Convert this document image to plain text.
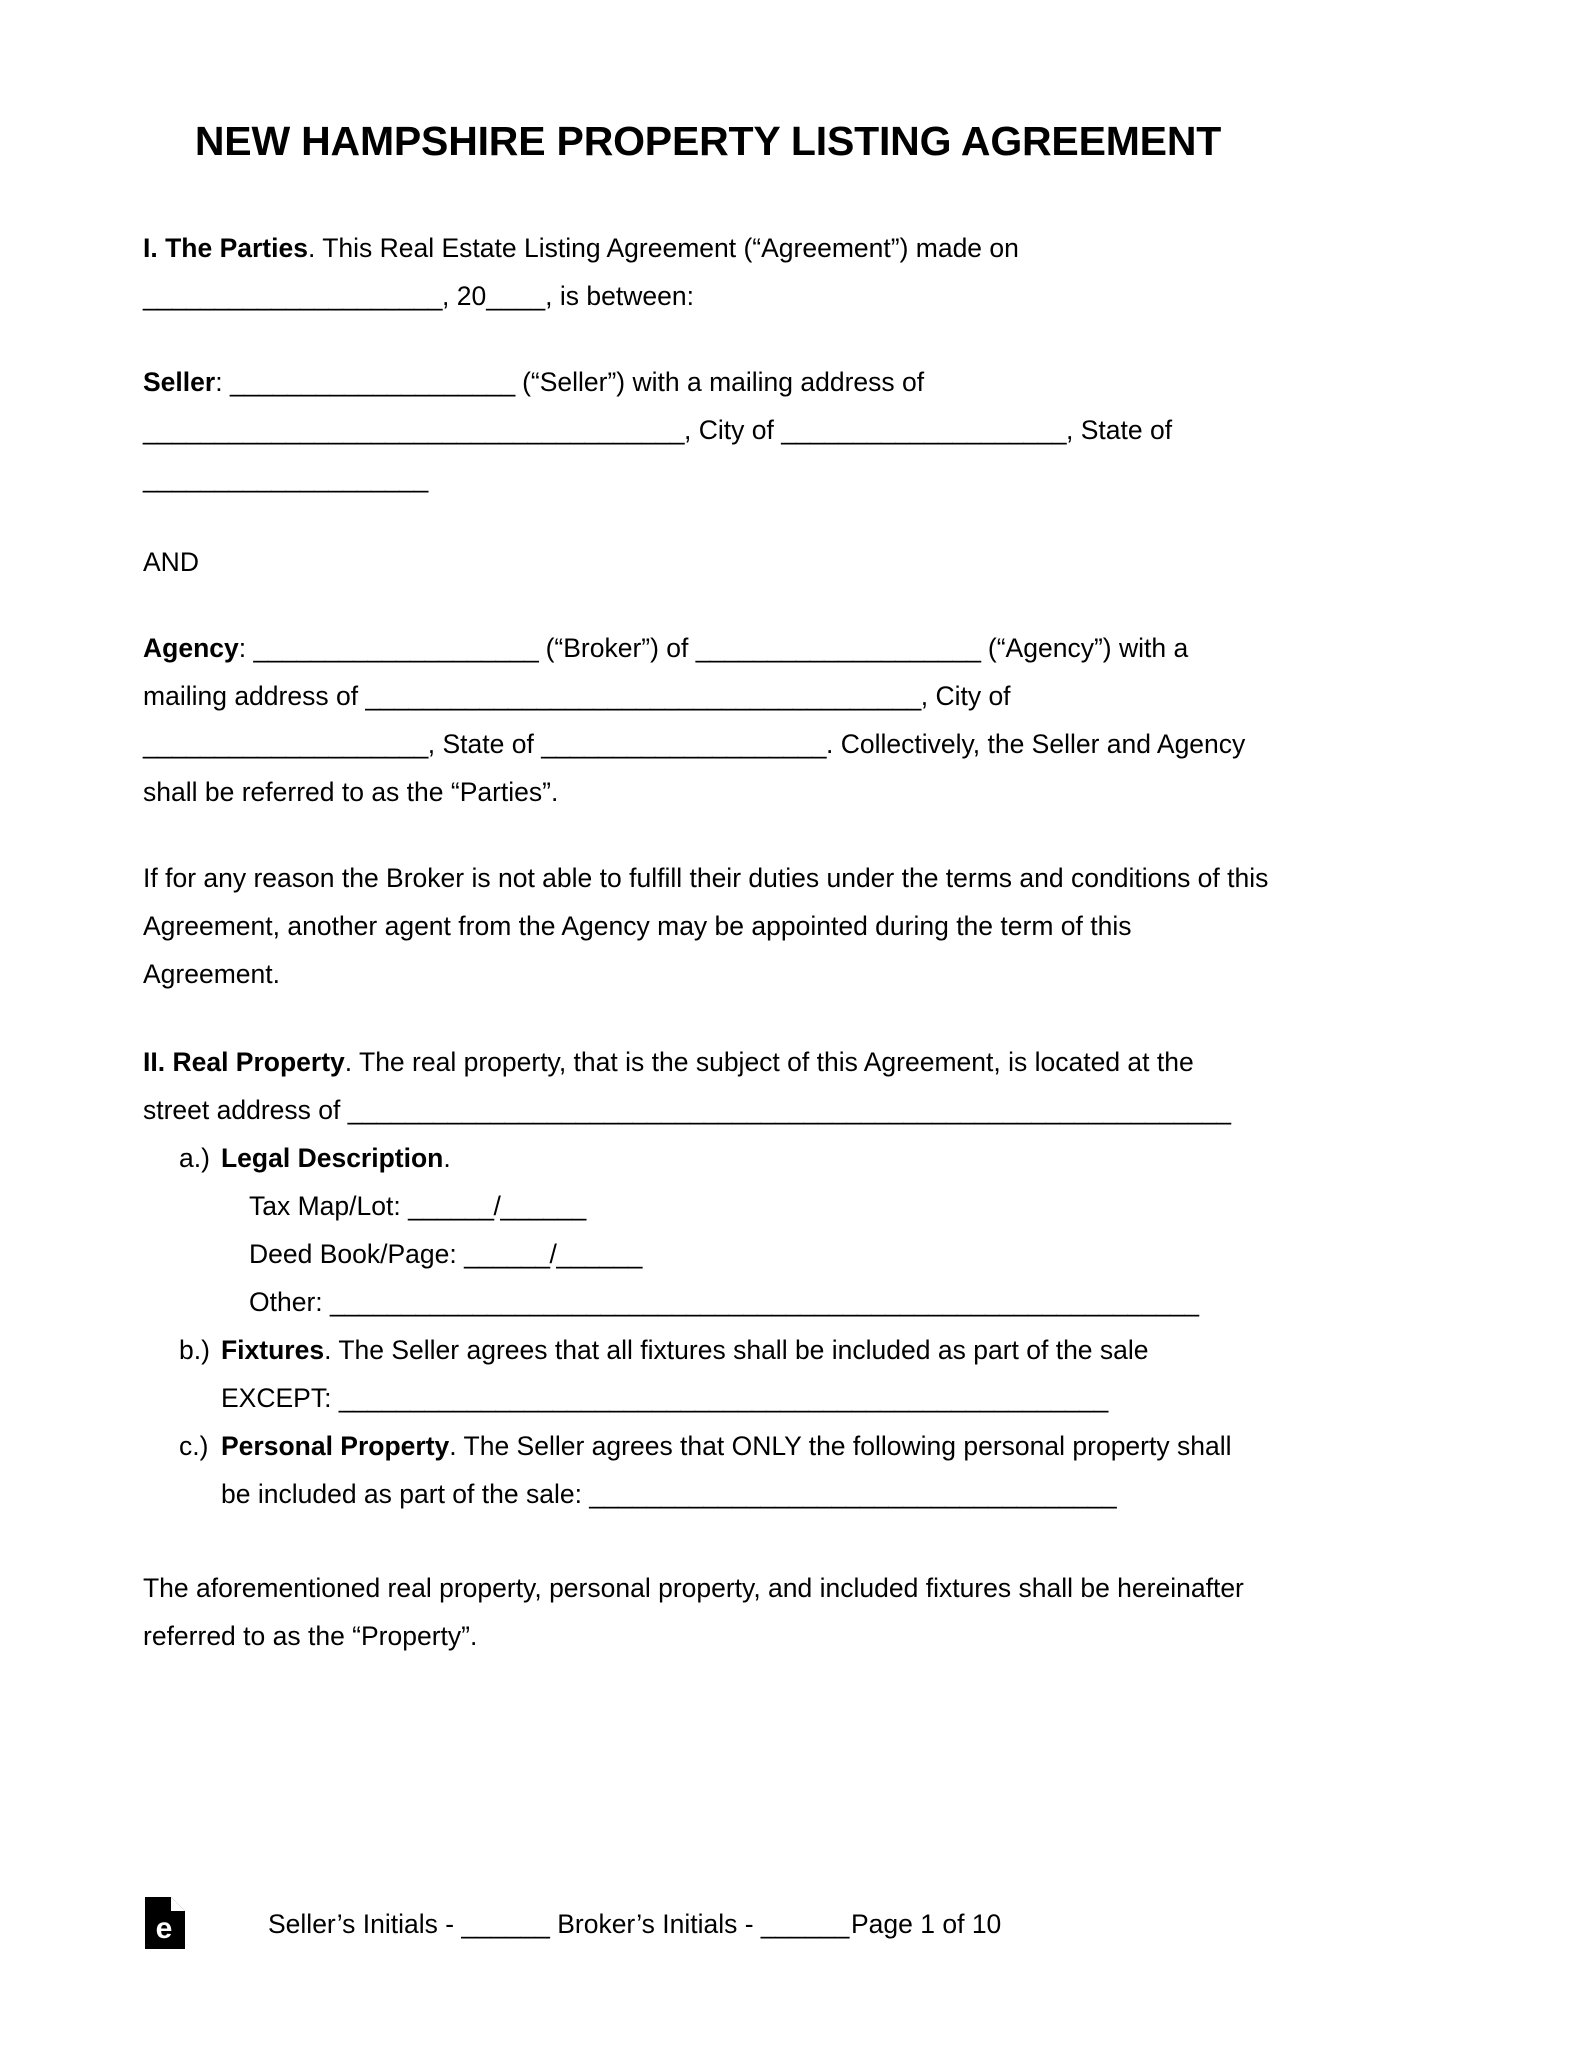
NEW HAMPSHIRE PROPERTY LISTING AGREEMENT
I. The Parties. This Real Estate Listing Agreement (“Agreement”) made on
_____________________, 20____, is between:
Seller: ____________________ (“Seller”) with a mailing address of
______________________________________, City of ____________________, State of
____________________
AND
Agency: ____________________ (“Broker”) of ____________________ (“Agency”) with a
mailing address of _______________________________________, City of
____________________, State of ____________________. Collectively, the Seller and Agency
shall be referred to as the “Parties”.
If for any reason the Broker is not able to fulfill their duties under the terms and conditions of this Agreement, another agent from the Agency may be appointed during the term of this Agreement.
II. Real Property. The real property, that is the subject of this Agreement, is located at the
street address of ______________________________________________________________
a.) Legal Description.
Tax Map/Lot: ______/______
Deed Book/Page: ______/______
Other: _____________________________________________________________
b.) Fixtures. The Seller agrees that all fixtures shall be included as part of the sale
EXCEPT: ______________________________________________________
c.) Personal Property. The Seller agrees that ONLY the following personal property shall
be included as part of the sale: _____________________________________
The aforementioned real property, personal property, and included fixtures shall be hereinafter referred to as the “Property”.
e	Seller’s Initials - ______ Broker’s Initials - ______ Page 1 of 10
